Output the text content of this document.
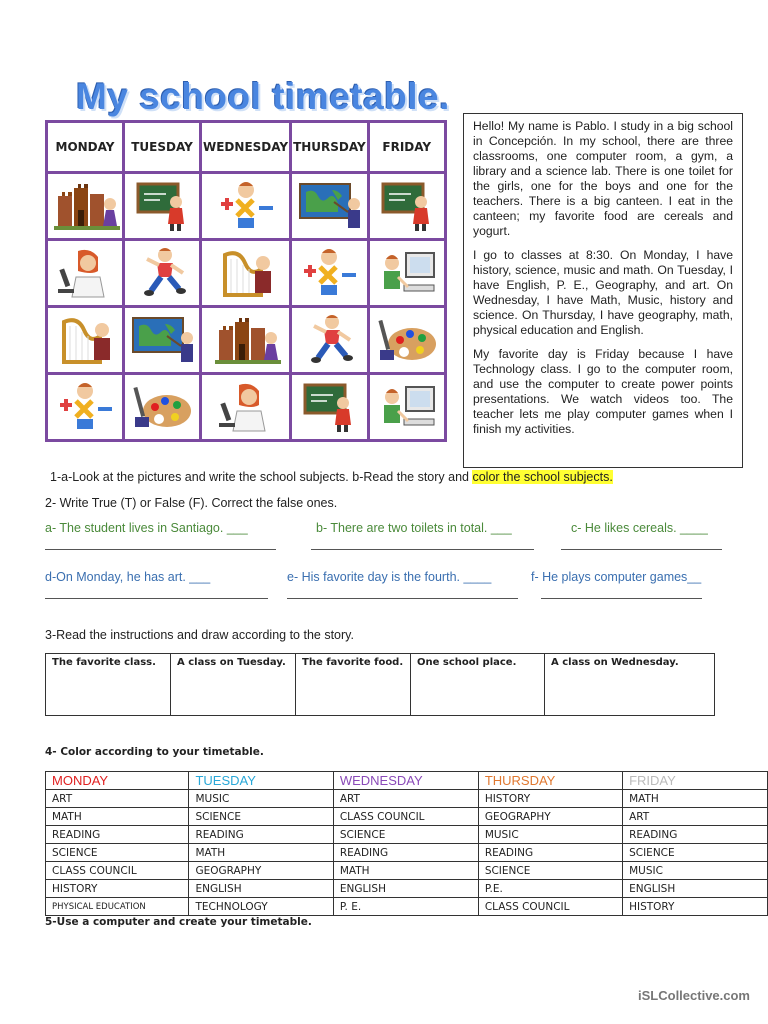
My school timetable.
MONDAY	TUESDAY	WEDNESDAY	THURSDAY	FRIDAY

Hello! My name is Pablo. I study in a big school in Concepción. In my school, there are three classrooms, one computer room, a gym, a library and a science lab. There is one toilet for the girls, one for the boys and one for the teachers. There is a big canteen. I eat in the canteen; my favorite food are cereals and yogurt.

I go to classes at 8:30. On Monday, I have history, science, music and math. On Tuesday, I have English, P. E., Geography, and art. On Wednesday, I have Math, Music, history and science. On Thursday, I have geography, math, physical education and English.

My favorite day is Friday because I have Technology class. I go to the computer room, and use the computer to create power points presentations. We watch videos too. The teacher lets me play computer games when I finish my activities.

1-a-Look at the pictures and write the school subjects. b-Read the story and color the school subjects.
2- Write True (T) or False (F). Correct the false ones.
a- The student lives in Santiago. ___	b- There are two toilets in total. ___	c- He likes cereals. ____
d-On Monday, he has art. ___	e- His favorite day is the fourth. ____	f- He plays computer games__
3-Read the instructions and draw according to the story.
The favorite class.	A class on Tuesday.	The favorite food.	One school place.	A class on Wednesday.
4- Color according to your timetable.
MONDAY	TUESDAY	WEDNESDAY	THURSDAY	FRIDAY
ART	MUSIC	ART	HISTORY	MATH
MATH	SCIENCE	CLASS COUNCIL	GEOGRAPHY	ART
READING	READING	SCIENCE	MUSIC	READING
SCIENCE	MATH	READING	READING	SCIENCE
CLASS COUNCIL	GEOGRAPHY	MATH	SCIENCE	MUSIC
HISTORY	ENGLISH	ENGLISH	P.E.	ENGLISH
PHYSICAL EDUCATION	TECHNOLOGY	P. E.	CLASS COUNCIL	HISTORY
5-Use a computer and create your timetable.
iSLCollective.com
